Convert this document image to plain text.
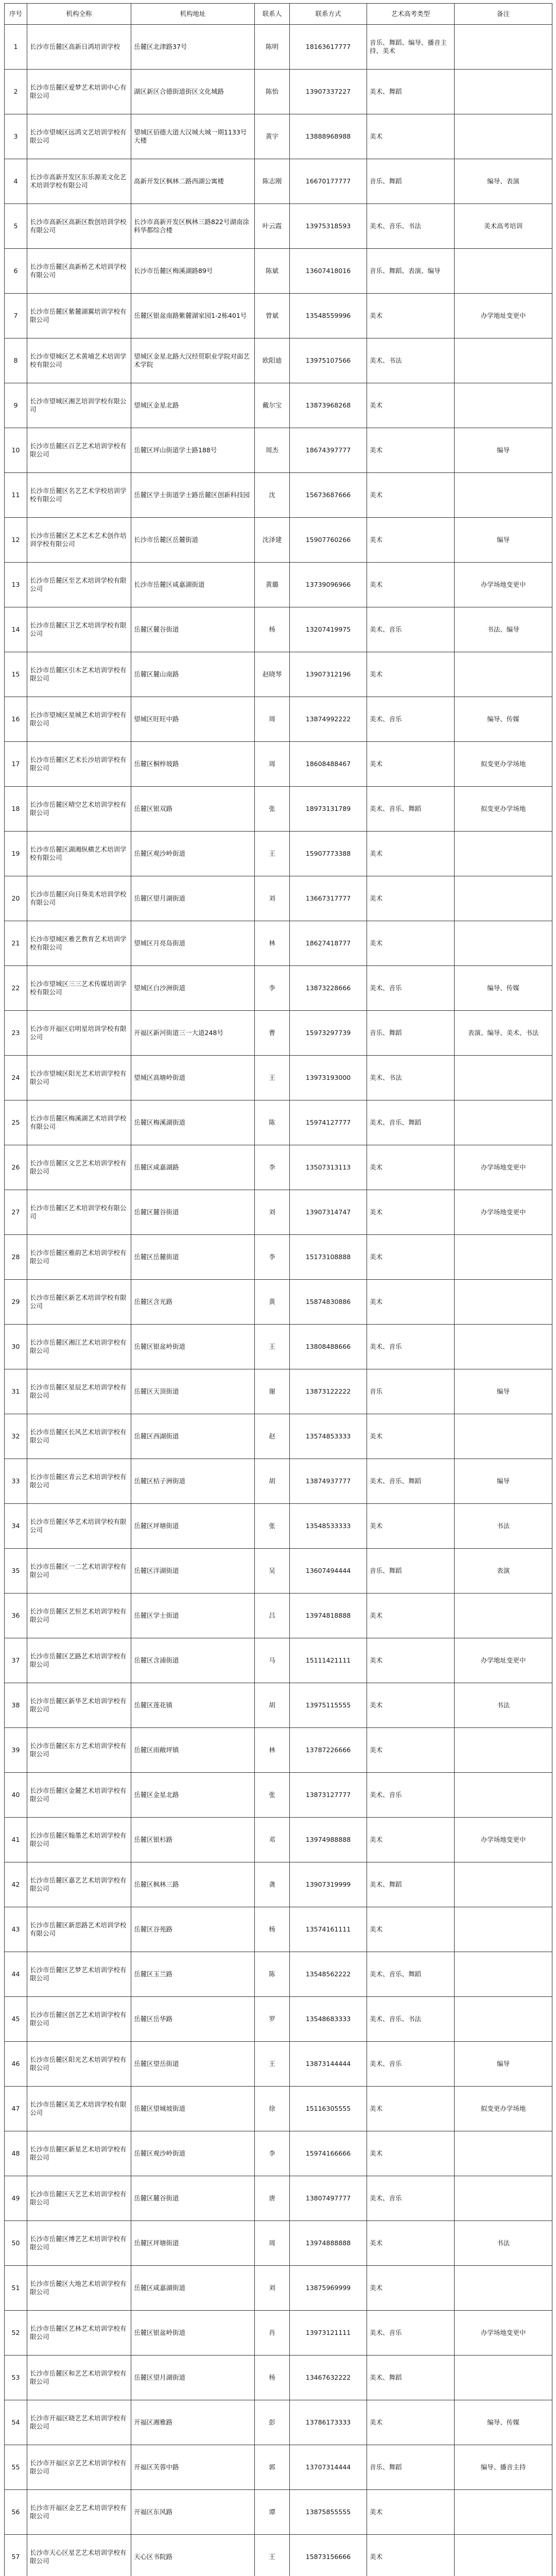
序号	机构全称	机构地址	联系人	联系方式	艺术高考类型	备注
1	长沙市岳麓区高新日鸿培训学校	岳麓区北津路37号	陈明	18163617777	音乐、舞蹈、编导、播音主持、美术	
2	长沙市岳麓区爱梦艺术培训中心有限公司	湖区新区合德街道街区文化城路	陈怡	13907337227	美术、舞蹈	
3	长沙市望城区远鸿文艺培训学校有限公司	望城区佰德大道大汉城大城一期1133号大楼	黄宇	13888968988	美术	
4	长沙市高新开发区东乐源美文化艺术培训学校有限公司	高新开发区枫林二路西湖公寓楼	陈志刚	16670177777	音乐、舞蹈	编导、表演
5	长沙市高新区高新区数创培训学校有限公司	长沙市高新开发区枫林三路822号湖南涂料华都综合楼	叶云霞	13975318593	美术、音乐、书法	美术高考培训
6	长沙市岳麓区高新桥艺术培训学校有限公司	长沙市岳麓区梅溪湖路89号	陈斌	13607418016	音乐、舞蹈、表演、编导	
7	长沙市岳麓区紫麓湖翼培训学校有限公司	岳麓区银盆南路紫麓湖家园1-2栋401号	曾斌	13548559996	美术	办学地址变更中
8	长沙市望城区艺术黄埔艺术培训学校有限公司	望城区金星北路大汉经贸职业学院对面艺术学院	欧阳迪	13975107566	美术、书法	
9	长沙市望城区湘艺培训学校有限公司	望城区金星北路	戴尔宝	13873968268	美术	
10	长沙市岳麓区百艺艺术培训学校有限公司	岳麓区坪山街道学士路188号	周杰	18674397777	美术	编导
11	长沙市岳麓区名艺艺术学校培训学校有限公司	岳麓区学士街道学士路岳麓区创新科技园	沈	15673687666	美术	
12	长沙市岳麓区艺术艺术艺术创作培训学校有限公司	长沙市岳麓区岳麓街道	沈泽建	15907760266	美术	编导
13	长沙市岳麓区至艺术培训学校有限公司	长沙市岳麓区咸嘉湖街道	黄璐	13739096966	美术	办学场地变更中
14	长沙市岳麓区卫艺术培训学校有限公司	岳麓区麓谷街道	杨	13207419975	美术、音乐	书法、编导
15	长沙市岳麓区引木艺术培训学校有限公司	岳麓区麓山南路	赵晓琴	13907312196	美术	
16	长沙市望城区星城艺术培训学校有限公司	望城区旺旺中路	周	13874992222	美术、音乐	编导、传媒
17	长沙市岳麓区艺术长沙培训学校有限公司	岳麓区桐梓坡路	周	18608488467	美术	拟变更办学场地
18	长沙市岳麓区晴空艺术培训学校有限公司	岳麓区银双路	张	18973131789	美术、音乐、舞蹈	拟变更办学场地
19	长沙市岳麓区湖湘纵横艺术培训学校有限公司	岳麓区观沙岭街道	王	15907773388	美术	
20	长沙市岳麓区向日葵美术培训学校有限公司	岳麓区望月湖街道	刘	13667317777	美术	
21	长沙市望城区雅艺教育艺术培训学校有限公司	望城区月亮岛街道	林	18627418777	美术	
22	长沙市望城区三三艺术传媒培训学校有限公司	望城区白沙洲街道	李	13873228666	美术、音乐	编导、传媒
23	长沙市开福区启明星培训学校有限公司	开福区新河街道三一大道248号	曹	15973297739	音乐、舞蹈	表演、编导、美术、书法
24	长沙市望城区阳光艺术培训学校有限公司	望城区高塘岭街道	王	13973193000	美术、书法	
25	长沙市岳麓区梅溪湖艺术培训学校有限公司	岳麓区梅溪湖街道	陈	15974127777	美术、音乐、舞蹈	
26	长沙市岳麓区文艺艺术培训学校有限公司	岳麓区咸嘉湖路	李	13507313113	美术	办学场地变更中
27	长沙市岳麓区艺术培训学校有限公司	岳麓区麓谷街道	刘	13907314747	美术	办学场地变更中
28	长沙市岳麓区雅韵艺术培训学校有限公司	岳麓区岳麓街道	李	15173108888	美术	
29	长沙市岳麓区新艺术培训学校有限公司	岳麓区含光路	黄	15874830886	美术	
30	长沙市岳麓区湘江艺术培训学校有限公司	岳麓区银盆岭街道	王	13808488666	美术、音乐	
31	长沙市岳麓区星辰艺术培训学校有限公司	岳麓区天顶街道	谢	13873122222	音乐	编导
32	长沙市岳麓区长风艺术培训学校有限公司	岳麓区西湖街道	赵	13574853333	美术	
33	长沙市岳麓区青云艺术培训学校有限公司	岳麓区桔子洲街道	胡	13874937777	美术、音乐、舞蹈	编导
34	长沙市岳麓区华艺术培训学校有限公司	岳麓区坪塘街道	张	13548533333	美术	书法
35	长沙市岳麓区一二艺术培训学校有限公司	岳麓区洋湖街道	吴	13607494444	音乐、舞蹈	表演
36	长沙市岳麓区艺恒艺术培训学校有限公司	岳麓区学士街道	吕	13974818888	美术	
37	长沙市岳麓区艺路艺术培训学校有限公司	岳麓区含浦街道	马	15111421111	美术	办学地址变更中
38	长沙市岳麓区新华艺术培训学校有限公司	岳麓区莲花镇	胡	13975115555	美术	书法
39	长沙市岳麓区东方艺术培训学校有限公司	岳麓区雨敞坪镇	林	13787226666	美术	
40	长沙市岳麓区金麓艺术培训学校有限公司	岳麓区金星北路	张	13873127777	美术、音乐	
41	长沙市岳麓区翰墨艺术培训学校有限公司	岳麓区银杉路	邓	13974988888	美术	办学场地变更中
42	长沙市岳麓区嘉艺艺术培训学校有限公司	岳麓区枫林三路	龚	13907319999	美术、舞蹈	
43	长沙市岳麓区新思路艺术培训学校有限公司	岳麓区谷苑路	杨	13574161111	美术	
44	长沙市岳麓区艺梦艺术培训学校有限公司	岳麓区玉兰路	陈	13548562222	美术、音乐、舞蹈	
45	长沙市岳麓区创艺艺术培训学校有限公司	岳麓区岳华路	罗	13548683333	美术、音乐、书法	
46	长沙市岳麓区阳光艺术培训学校有限公司	岳麓区望岳街道	王	13873144444	美术、音乐	编导
47	长沙市岳麓区美艺术培训学校有限公司	岳麓区望城坡街道	徐	15116305555	美术	拟变更办学场地
48	长沙市岳麓区新星艺术培训学校有限公司	岳麓区观沙岭街道	李	15974166666	美术	
49	长沙市岳麓区天艺艺术培训学校有限公司	岳麓区麓谷街道	唐	13807497777	美术、音乐	
50	长沙市岳麓区博艺艺术培训学校有限公司	岳麓区坪塘街道	周	13974888888	美术	书法
51	长沙市岳麓区大地艺术培训学校有限公司	岳麓区咸嘉湖街道	刘	13875969999	美术	
52	长沙市岳麓区艺林艺术培训学校有限公司	岳麓区银盆岭街道	肖	13973121111	美术、音乐	办学场地变更中
53	长沙市岳麓区和艺艺术培训学校有限公司	岳麓区望月湖街道	杨	13467632222	美术、舞蹈	
54	长沙市开福区晓艺艺术培训学校有限公司	开福区湘雅路	彭	13786173333	美术	编导、传媒
55	长沙市开福区京艺艺术培训学校有限公司	开福区芙蓉中路	郭	13707314444	音乐、舞蹈	编导、播音主持
56	长沙市开福区金艺艺术培训学校有限公司	开福区东风路	谭	13875855555	美术	
57	长沙市天心区星艺艺术培训学校有限公司	天心区书院路	王	15873156666	美术	
